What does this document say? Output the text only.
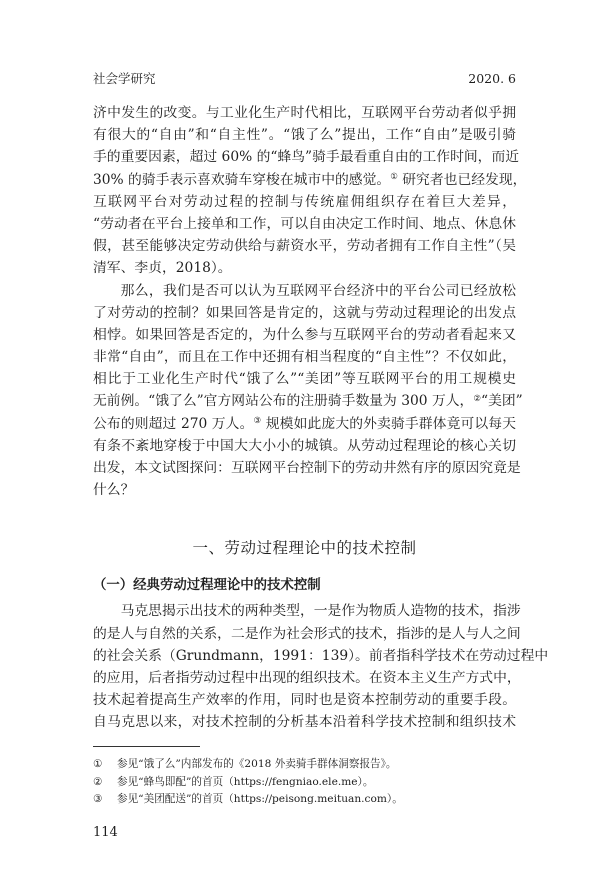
社会学研究	2020. 6
济中发生的改变。与工业化生产时代相比，互联网平台劳动者似乎拥
有很大的“自由”和“自主性”。“饿了么”提出，工作“自由”是吸引骑
手的重要因素，超过 60% 的“蜂鸟”骑手最看重自由的工作时间，而近
30% 的骑手表示喜欢骑车穿梭在城市中的感觉。① 研究者也已经发现，
互联网平台对劳动过程的控制与传统雇佣组织存在着巨大差异，
“劳动者在平台上接单和工作，可以自由决定工作时间、地点、休息休
假，甚至能够决定劳动供给与薪资水平，劳动者拥有工作自主性”（吴
清军、李贞，2018）。
那么，我们是否可以认为互联网平台经济中的平台公司已经放松
了对劳动的控制？如果回答是肯定的，这就与劳动过程理论的出发点
相悖。如果回答是否定的，为什么参与互联网平台的劳动者看起来又
非常“自由”，而且在工作中还拥有相当程度的“自主性”？不仅如此，
相比于工业化生产时代“饿了么”“美团”等互联网平台的用工规模史
无前例。“饿了么”官方网站公布的注册骑手数量为 300 万人，②“美团”
公布的则超过 270 万人。③ 规模如此庞大的外卖骑手群体竟可以每天
有条不紊地穿梭于中国大大小小的城镇。从劳动过程理论的核心关切
出发，本文试图探问：互联网平台控制下的劳动井然有序的原因究竟是
什么？
一、劳动过程理论中的技术控制
（一）经典劳动过程理论中的技术控制
马克思揭示出技术的两种类型，一是作为物质人造物的技术，指涉
的是人与自然的关系，二是作为社会形式的技术，指涉的是人与人之间
的社会关系（Grundmann，1991：139）。前者指科学技术在劳动过程中
的应用，后者指劳动过程中出现的组织技术。在资本主义生产方式中，
技术起着提高生产效率的作用，同时也是资本控制劳动的重要手段。
自马克思以来，对技术控制的分析基本沿着科学技术控制和组织技术
① 参见“饿了么”内部发布的《2018 外卖骑手群体洞察报告》。
② 参见“蜂鸟即配”的首页（https://fengniao.ele.me）。
③ 参见“美团配送”的首页（https://peisong.meituan.com）。
114
